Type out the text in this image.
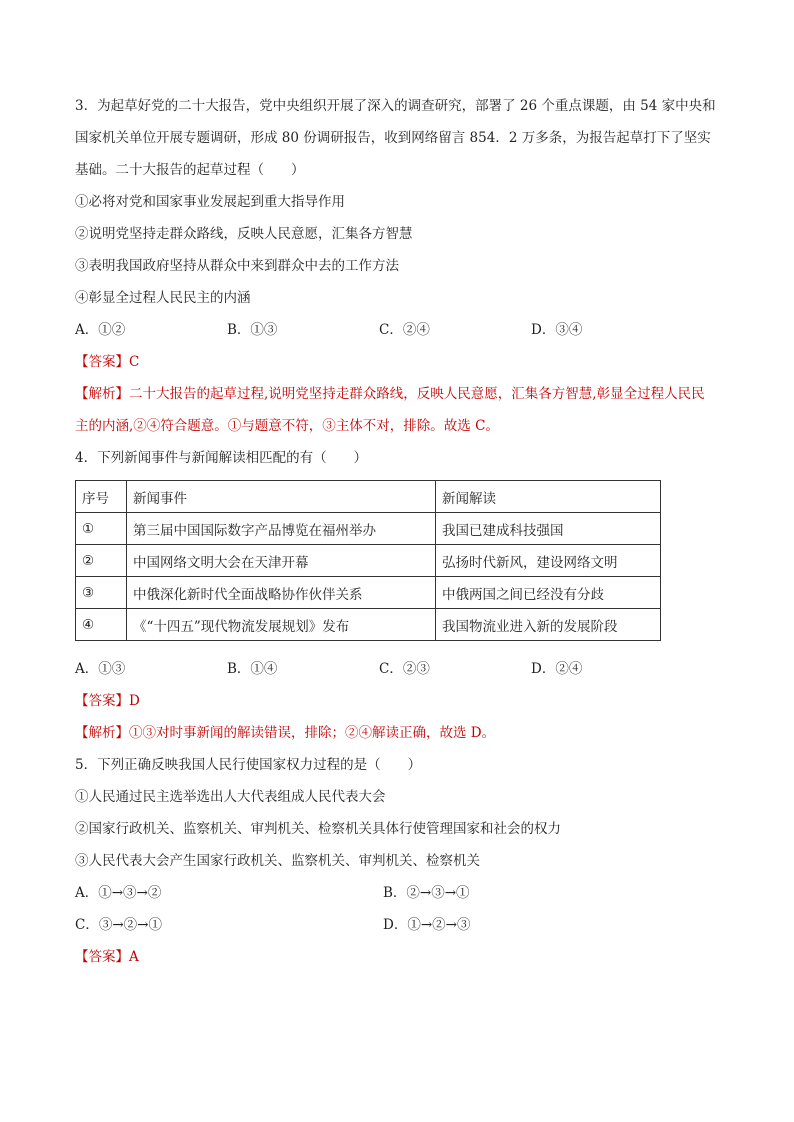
3．为起草好党的二十大报告，党中央组织开展了深入的调查研究，部署了 26 个重点课题，由 54 家中央和

国家机关单位开展专题调研，形成 80 份调研报告，收到网络留言 854．2 万多条，为报告起草打下了坚实

基础。二十大报告的起草过程（　　）

①必将对党和国家事业发展起到重大指导作用

②说明党坚持走群众路线，反映人民意愿，汇集各方智慧

③表明我国政府坚持从群众中来到群众中去的工作方法

④彰显全过程人民民主的内涵

A．①②	B．①③	C．②④	D．③④

【答案】C

【解析】二十大报告的起草过程,说明党坚持走群众路线，反映人民意愿，汇集各方智慧,彰显全过程人民民

主的内涵,②④符合题意。①与题意不符，③主体不对，排除。故选 C。

4．下列新闻事件与新闻解读相匹配的有（　　）

序号	新闻事件	新闻解读
①	第三届中国国际数字产品博览在福州举办	我国已建成科技强国
②	中国网络文明大会在天津开幕	弘扬时代新风，建设网络文明
③	中俄深化新时代全面战略协作伙伴关系	中俄两国之间已经没有分歧
④	《“十四五”现代物流发展规划》发布	我国物流业进入新的发展阶段
A．①③	B．①④	C．②③	D．②④

【答案】D

【解析】①③对时事新闻的解读错误，排除；②④解读正确，故选 D。

5．下列正确反映我国人民行使国家权力过程的是（　　）

①人民通过民主选举选出人大代表组成人民代表大会

②国家行政机关、监察机关、审判机关、检察机关具体行使管理国家和社会的权力

③人民代表大会产生国家行政机关、监察机关、审判机关、检察机关

A．①→③→②	B．②→③→①
C．③→②→①	D．①→②→③

【答案】A
